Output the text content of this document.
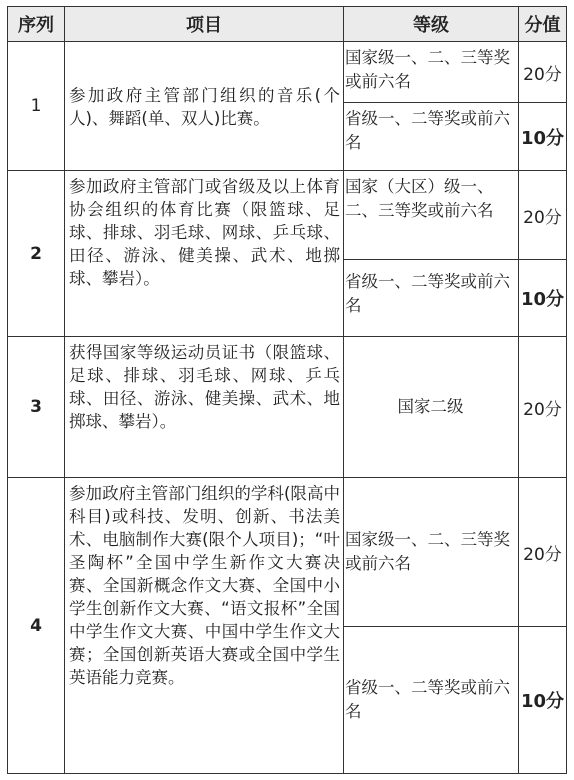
序列	项目	等级	分值
1
参加政府主管部门组织的音乐(个人)、舞蹈(单、双人)比赛。
国家级一、二、三等奖或前六名	20分
省级一、二等奖或前六名	10分
2
参加政府主管部门或省级及以上体育协会组织的体育比赛（限篮球、足球、排球、羽毛球、网球、乒乓球、田径、游泳、健美操、武术、地掷球、攀岩）。
国家（大区）级一、二、三等奖或前六名	20分
省级一、二等奖或前六名	10分
3
获得国家等级运动员证书（限篮球、足球、排球、羽毛球、网球、乒乓球、田径、游泳、健美操、武术、地掷球、攀岩）。
国家二级	20分
4
参加政府主管部门组织的学科(限高中科目)或科技、发明、创新、书法美术、电脑制作大赛(限个人项目)；“叶圣陶杯”全国中学生新作文大赛决赛、全国新概念作文大赛、全国中小学生创新作文大赛、“语文报杯”全国中学生作文大赛、中国中学生作文大赛；全国创新英语大赛或全国中学生英语能力竞赛。
国家级一、二、三等奖或前六名	20分
省级一、二等奖或前六名	10分
